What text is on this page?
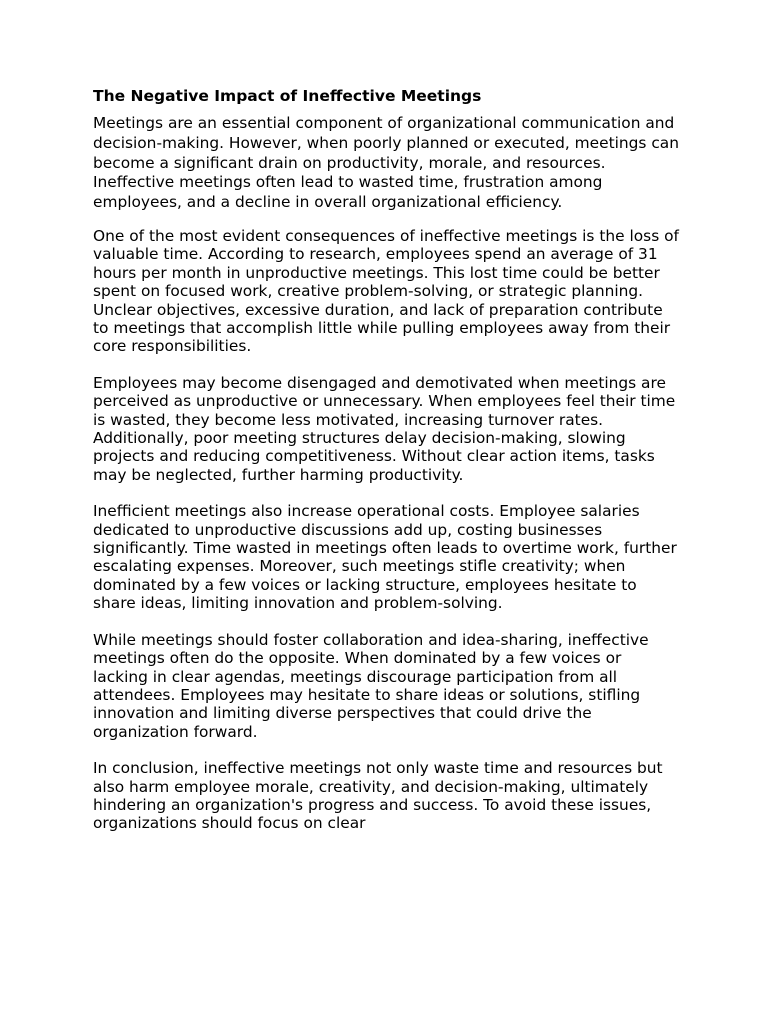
The Negative Impact of Ineffective Meetings

Meetings are an essential component of organizational communication and decision-making. However, when poorly planned or executed, meetings can become a significant drain on productivity, morale, and resources. Ineffective meetings often lead to wasted time, frustration among employees, and a decline in overall organizational efficiency.

One of the most evident consequences of ineffective meetings is the loss of valuable time. According to research, employees spend an average of 31 hours per month in unproductive meetings. This lost time could be better spent on focused work, creative problem-solving, or strategic planning. Unclear objectives, excessive duration, and lack of preparation contribute to meetings that accomplish little while pulling employees away from their core responsibilities.

Employees may become disengaged and demotivated when meetings are perceived as unproductive or unnecessary. When employees feel their time is wasted, they become less motivated, increasing turnover rates. Additionally, poor meeting structures delay decision-making, slowing projects and reducing competitiveness. Without clear action items, tasks may be neglected, further harming productivity.

Inefficient meetings also increase operational costs. Employee salaries dedicated to unproductive discussions add up, costing businesses significantly. Time wasted in meetings often leads to overtime work, further escalating expenses. Moreover, such meetings stifle creativity; when dominated by a few voices or lacking structure, employees hesitate to share ideas, limiting innovation and problem-solving.

While meetings should foster collaboration and idea-sharing, ineffective meetings often do the opposite. When dominated by a few voices or lacking in clear agendas, meetings discourage participation from all attendees. Employees may hesitate to share ideas or solutions, stifling innovation and limiting diverse perspectives that could drive the organization forward.

In conclusion, ineffective meetings not only waste time and resources but also harm employee morale, creativity, and decision-making, ultimately hindering an organization's progress and success. To avoid these issues, organizations should focus on clear
